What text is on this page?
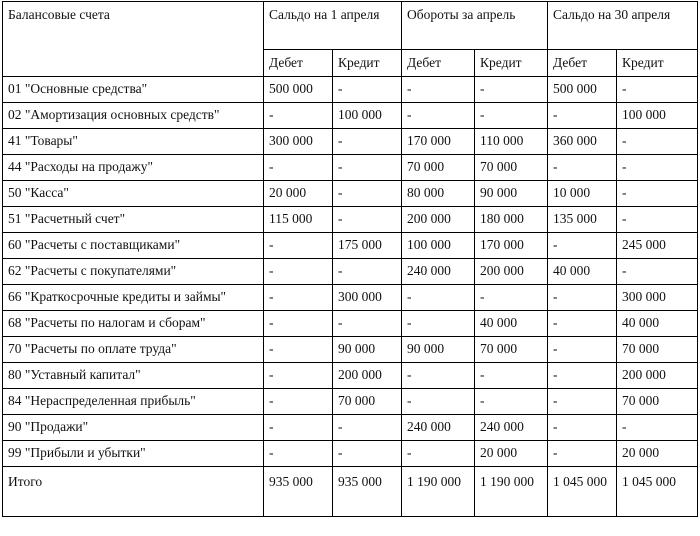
Балансовые счета	Сальдо на 1 апреля		Обороты за апрель		Сальдо на 30 апреля	
	Дебет	Кредит	Дебет	Кредит	Дебет	Кредит
01 "Основные средства"	500 000	-	-	-	500 000	-
02 "Амортизация основных средств"	-	100 000	-	-	-	100 000
41 "Товары"	300 000	-	170 000	110 000	360 000	-
44 "Расходы на продажу"	-	-	70 000	70 000	-	-
50 "Касса"	20 000	-	80 000	90 000	10 000	-
51 "Расчетный счет"	115 000	-	200 000	180 000	135 000	-
60 "Расчеты с поставщиками"	-	175 000	100 000	170 000	-	245 000
62 "Расчеты с покупателями"	-	-	240 000	200 000	40 000	-
66 "Краткосрочные кредиты и займы"	-	300 000	-	-	-	300 000
68 "Расчеты по налогам и сборам"	-	-	-	40 000	-	40 000
70 "Расчеты по оплате труда"	-	90 000	90 000	70 000	-	70 000
80 "Уставный капитал"	-	200 000	-	-	-	200 000
84 "Нераспределенная прибыль"	-	70 000	-	-	-	70 000
90 "Продажи"	-	-	240 000	240 000	-	-
99 "Прибыли и убытки"	-	-	-	20 000	-	20 000
Итого	935 000	935 000	1 190 000	1 190 000	1 045 000	1 045 000
